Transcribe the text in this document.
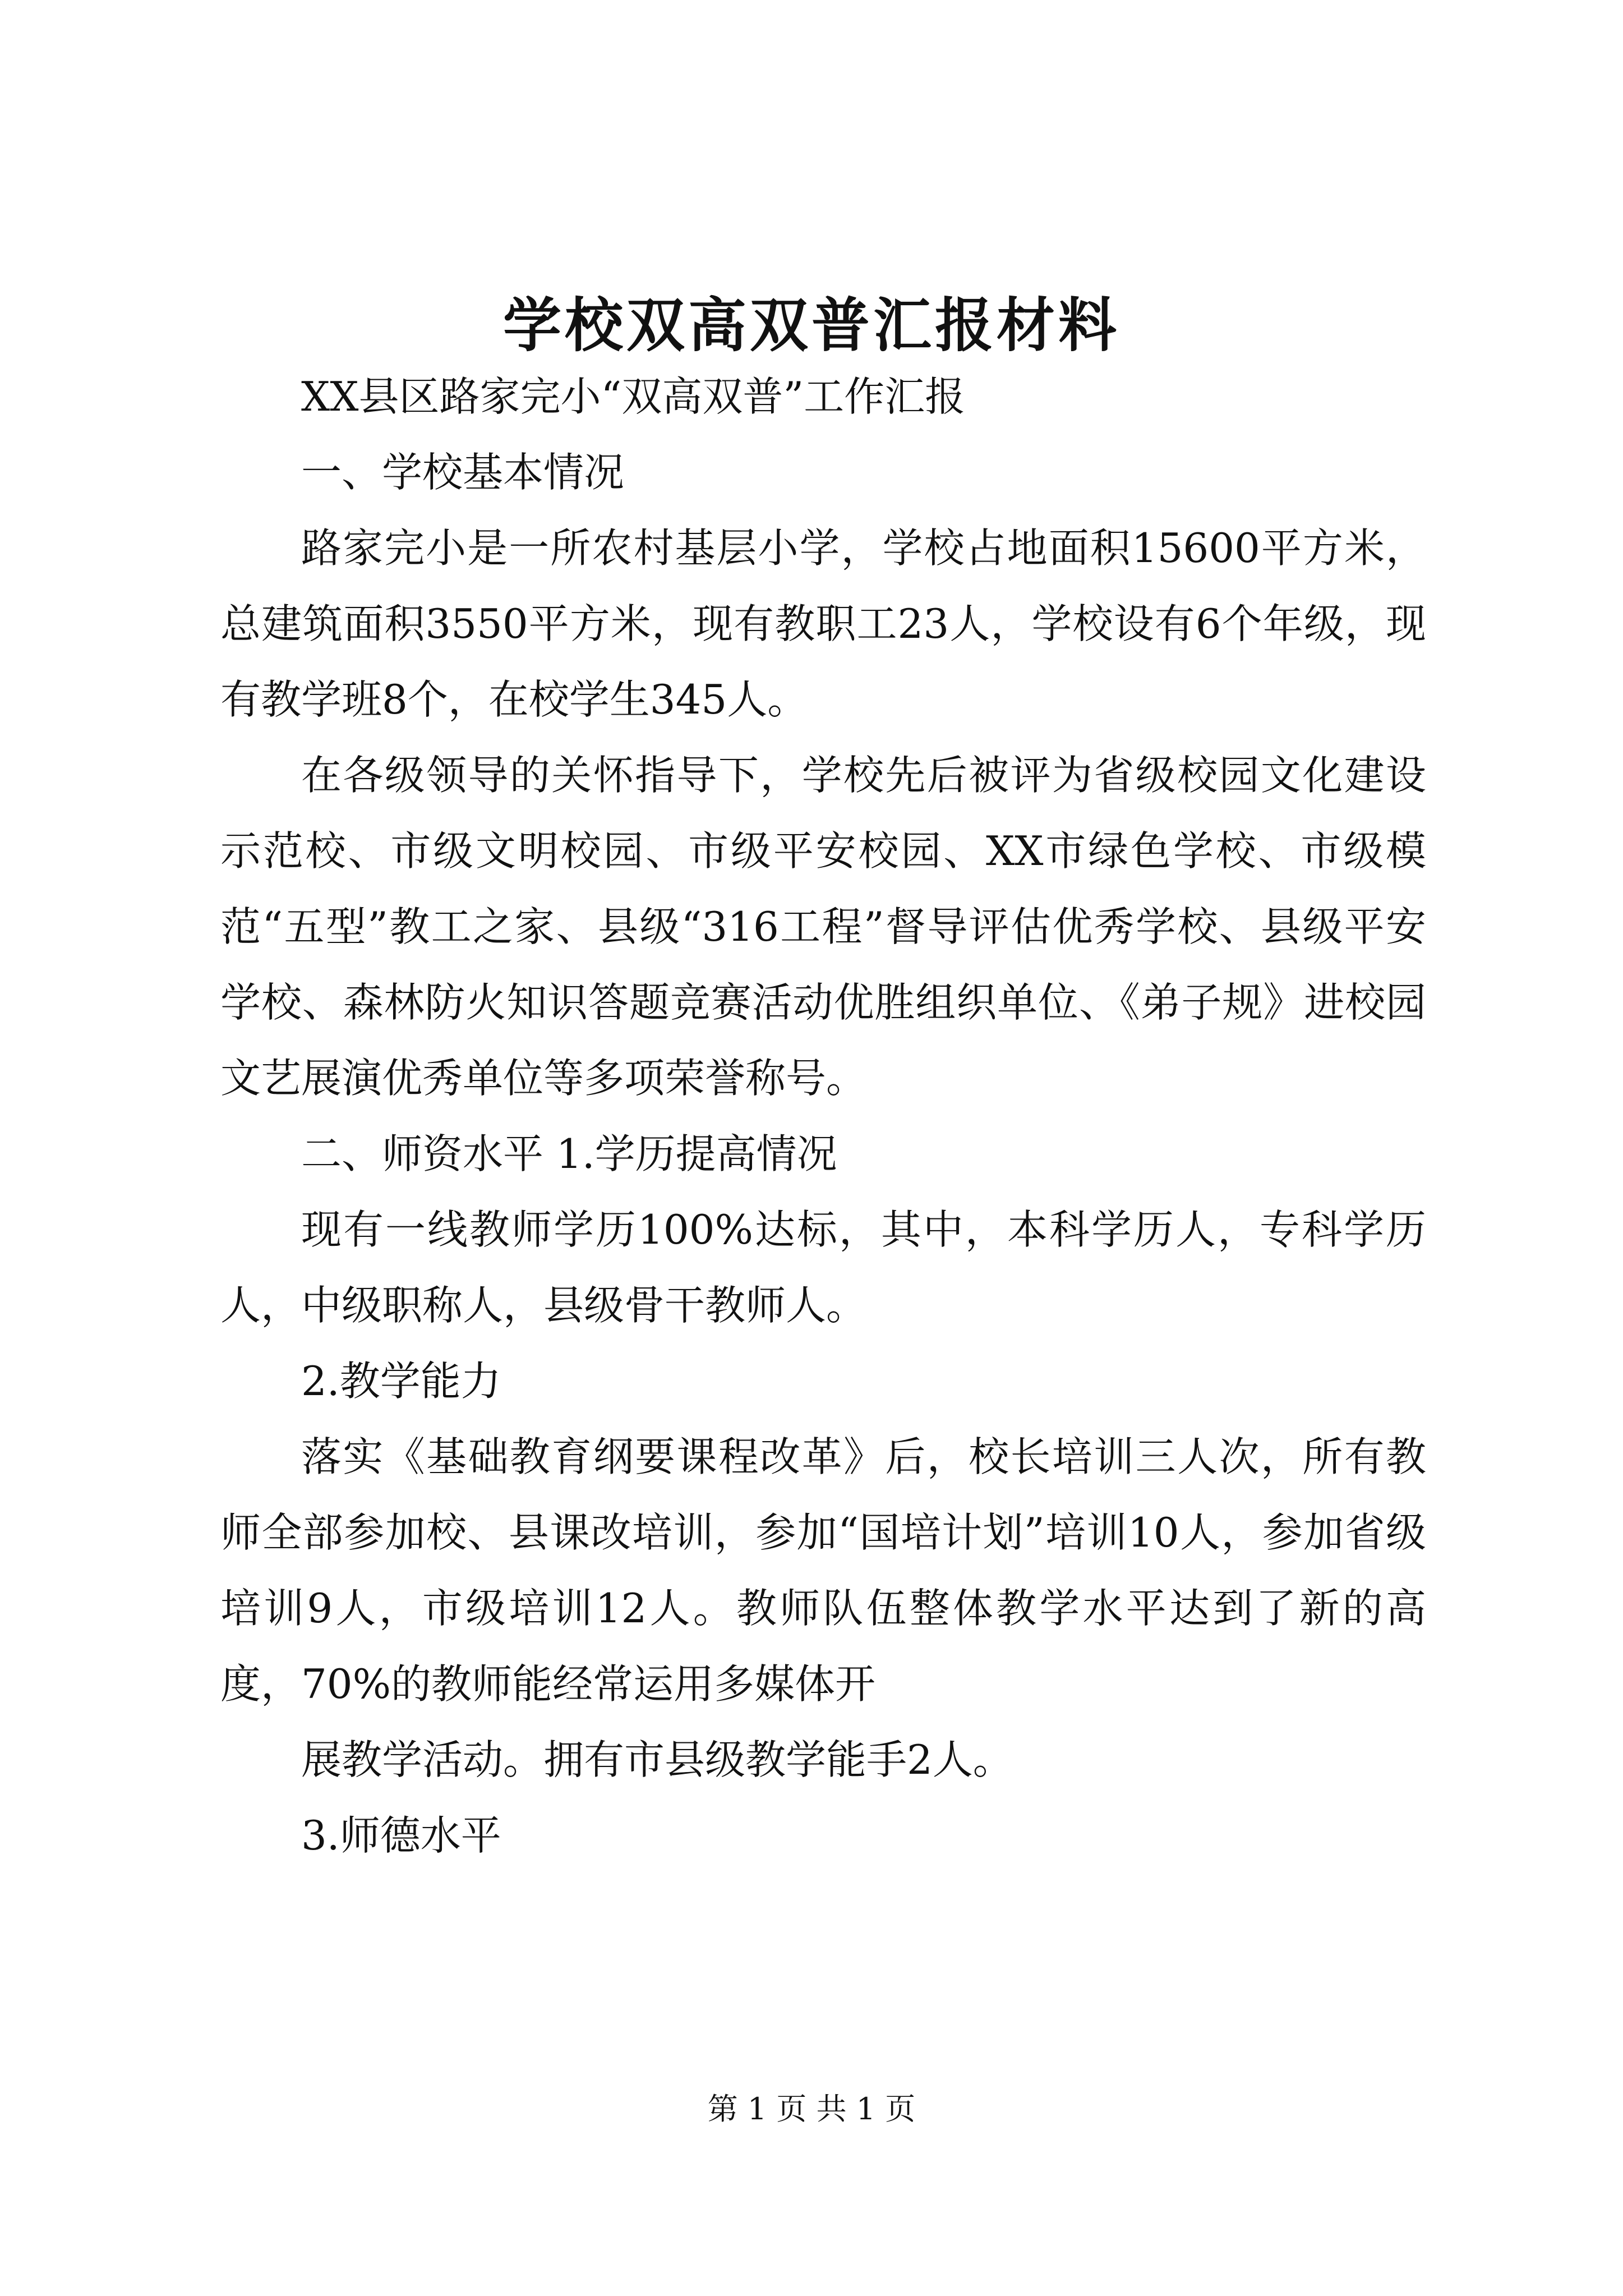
学校双高双普汇报材料

XX县区路家完小“双高双普”工作汇报

一、学校基本情况

路家完小是一所农村基层小学，学校占地面积15600平方米，总建筑面积3550平方米，现有教职工23人，学校设有6个年级，现有教学班8个，在校学生345人。

在各级领导的关怀指导下，学校先后被评为省级校园文化建设示范校、市级文明校园、市级平安校园、XX市绿色学校、市级模范“五型”教工之家、县级“316工程”督导评估优秀学校、县级平安学校、森林防火知识答题竞赛活动优胜组织单位、《弟子规》进校园文艺展演优秀单位等多项荣誉称号。

二、师资水平 1.学历提高情况

现有一线教师学历100%达标，其中，本科学历人，专科学历人，中级职称人，县级骨干教师人。

2.教学能力

落实《基础教育纲要课程改革》后，校长培训三人次，所有教师全部参加校、县课改培训，参加“国培计划”培训10人，参加省级培训9人，市级培训12人。教师队伍整体教学水平达到了新的高度，70%的教师能经常运用多媒体开

展教学活动。拥有市县级教学能手2人。

3.师德水平

第 1 页 共 1 页
